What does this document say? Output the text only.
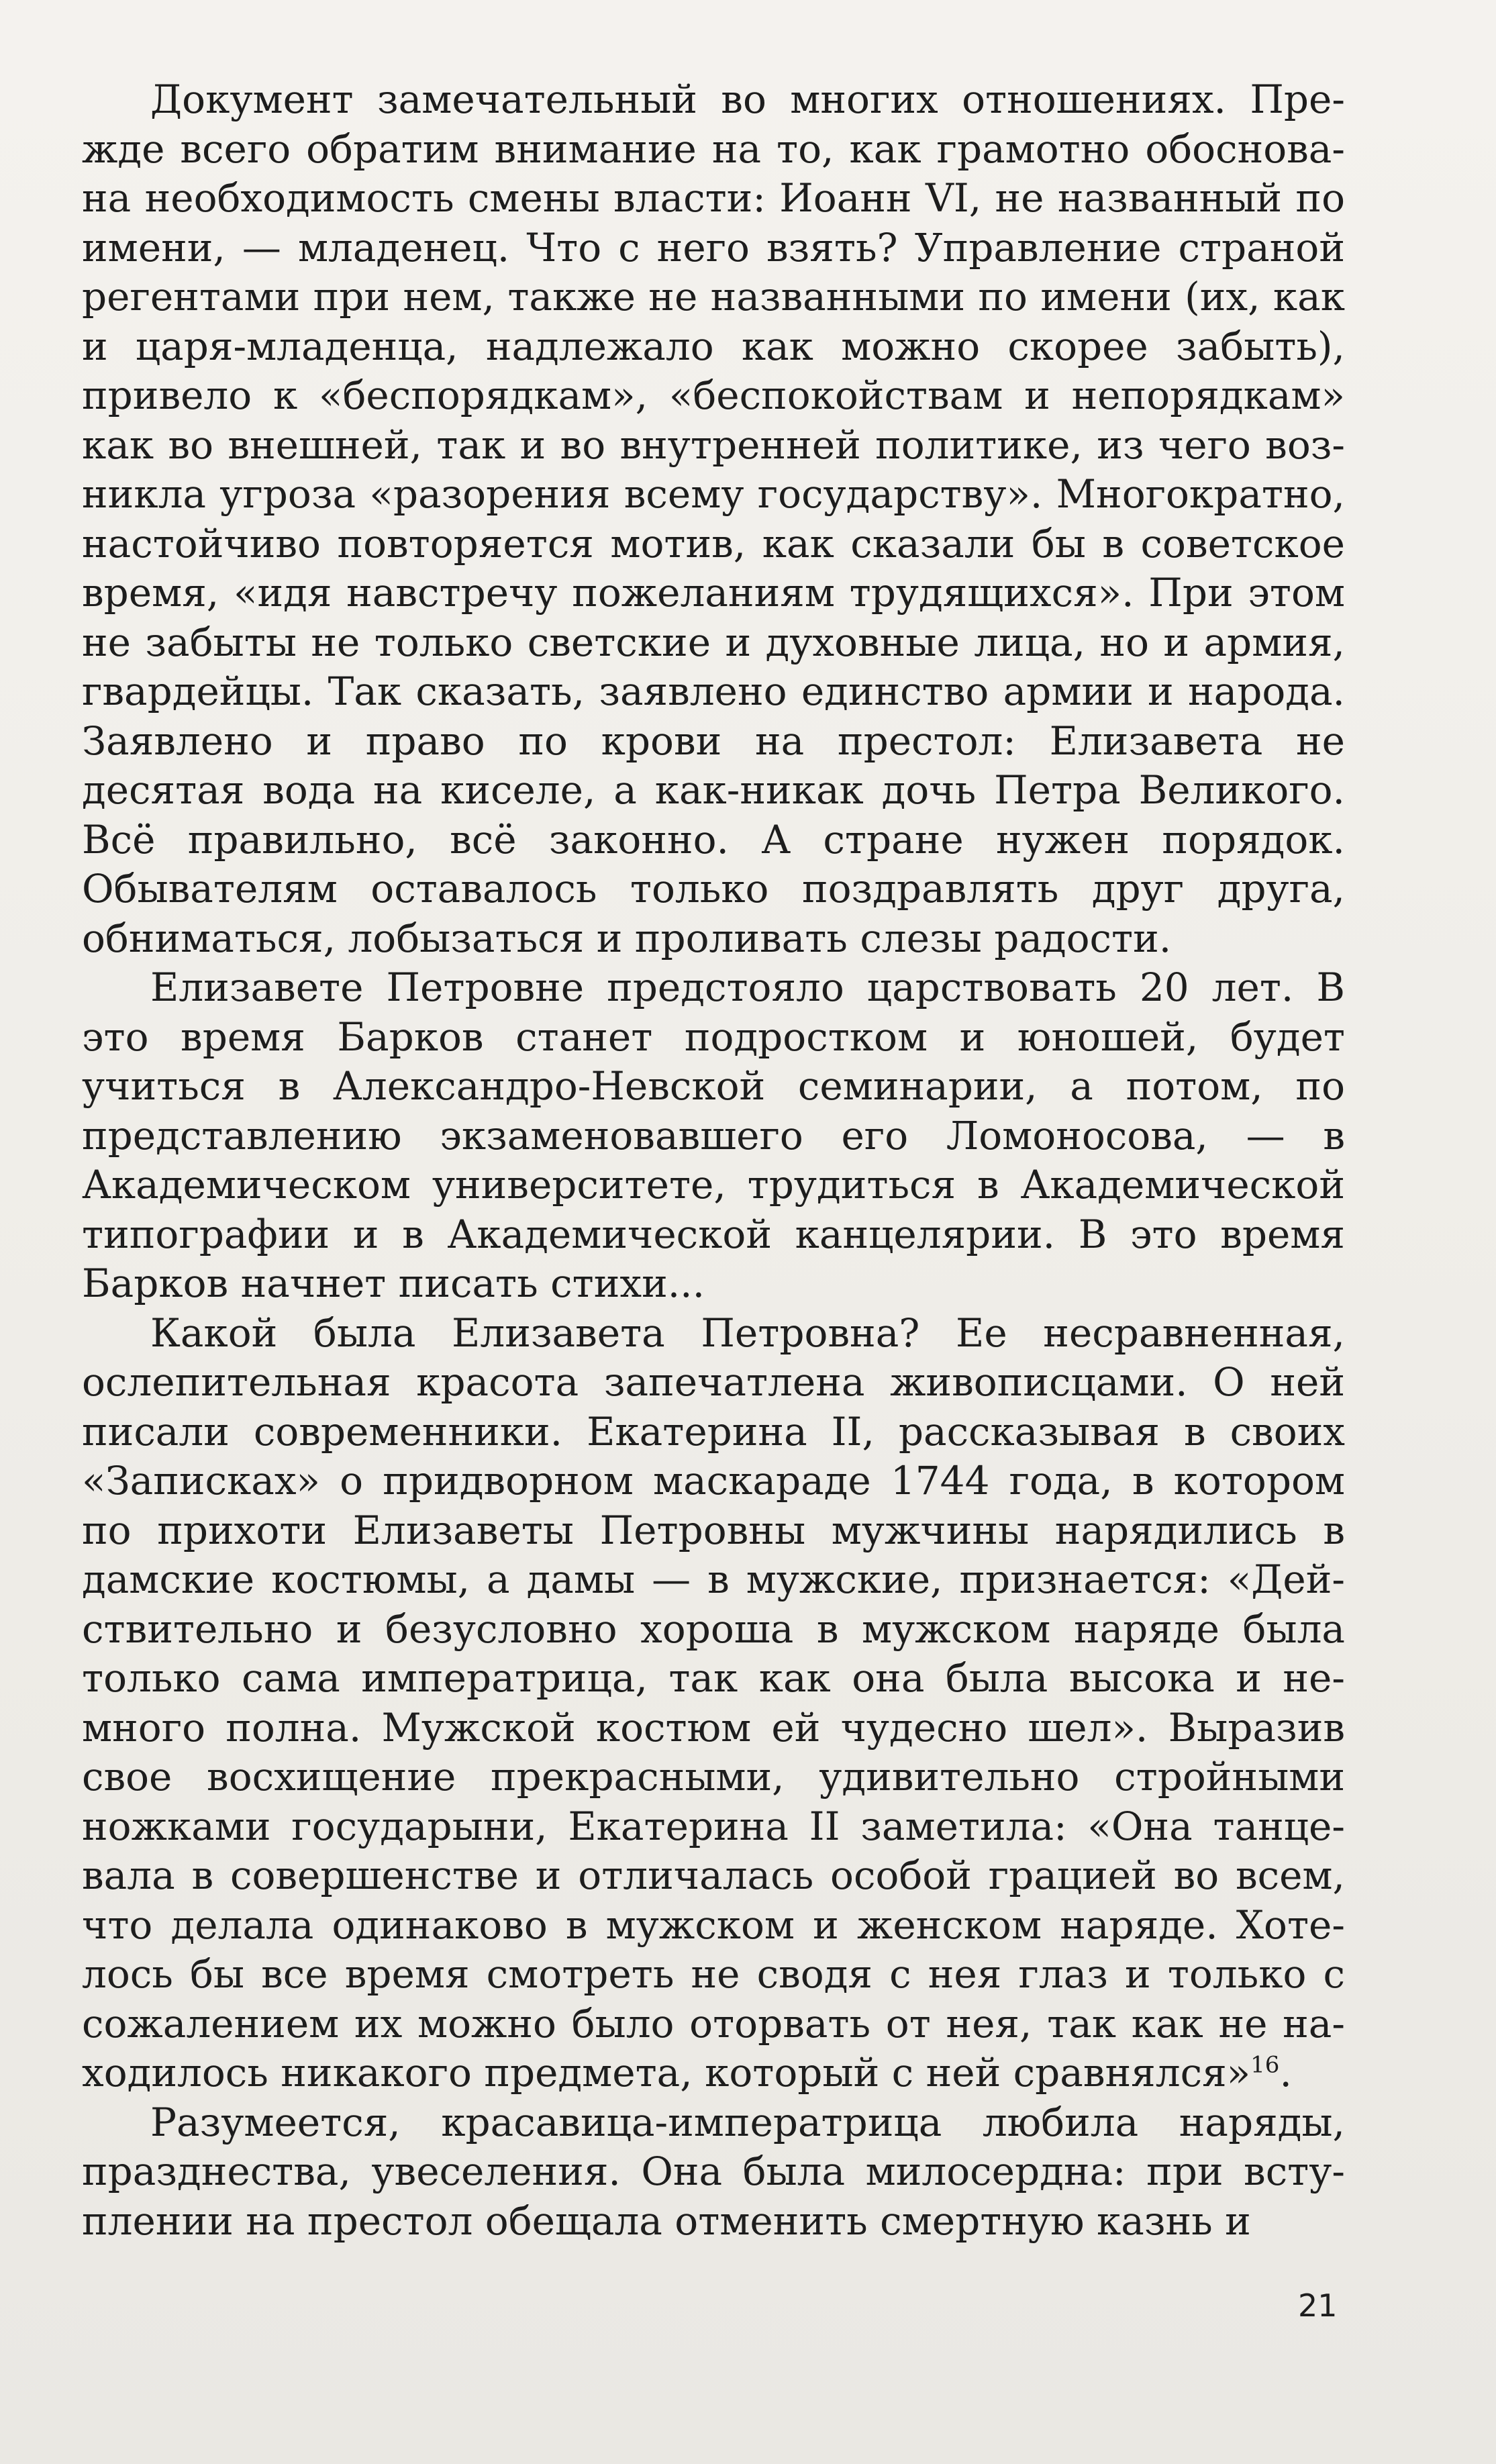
Документ замечательный во многих отношениях. Прежде всего обратим внимание на то, как грамотно обоснована необходимость смены власти: Иоанн VI, не названный по имени, — младенец. Что с него взять? Управление страной регентами при нем, также не названными по имени (их, как и царя-младенца, надлежало как можно скорее забыть), привело к «беспорядкам», «беспокойствам и непорядкам» как во внешней, так и во внутренней политике, из чего возникла угроза «разорения всему государству». Многократно, настойчиво повторяется мотив, как сказали бы в советское время, «идя навстречу пожеланиям трудящихся». При этом не забыты не только светские и духовные лица, но и армия, гвардейцы. Так сказать, заявлено единство армии и народа. Заявлено и право по крови на престол: Елизавета не десятая вода на киселе, а как-никак дочь Петра Великого. Всё правильно, всё законно. А стране нужен порядок. Обывателям оставалось только поздравлять друг друга, обниматься, лобызаться и проливать слезы радости.

Елизавете Петровне предстояло царствовать 20 лет. В это время Барков станет подростком и юношей, будет учиться в Александро-Невской семинарии, а потом, по представлению экзаменовавшего его Ломоносова, — в Академическом университете, трудиться в Академической типографии и в Академической канцелярии. В это время Барков начнет писать стихи...

Какой была Елизавета Петровна? Ее несравненная, ослепительная красота запечатлена живописцами. О ней писали современники. Екатерина II, рассказывая в своих «Записках» о придворном маскараде 1744 года, в котором по прихоти Елизаветы Петровны мужчины нарядились в дамские костюмы, а дамы — в мужские, признается: «Действительно и безусловно хороша в мужском наряде была только сама императрица, так как она была высока и немного полна. Мужской костюм ей чудесно шел». Выразив свое восхищение прекрасными, удивительно стройными ножками государыни, Екатерина II заметила: «Она танцевала в совершенстве и отличалась особой грацией во всем, что делала одинаково в мужском и женском наряде. Хотелось бы все время смотреть не сводя с нея глаз и только с сожалением их можно было оторвать от нея, так как не находилось никакого предмета, который с ней сравнялся»$^{16}$.

Разумеется, красавица-императрица любила наряды, празднества, увеселения. Она была милосердна: при вступлении на престол обещала отменить смертную казнь и

21
